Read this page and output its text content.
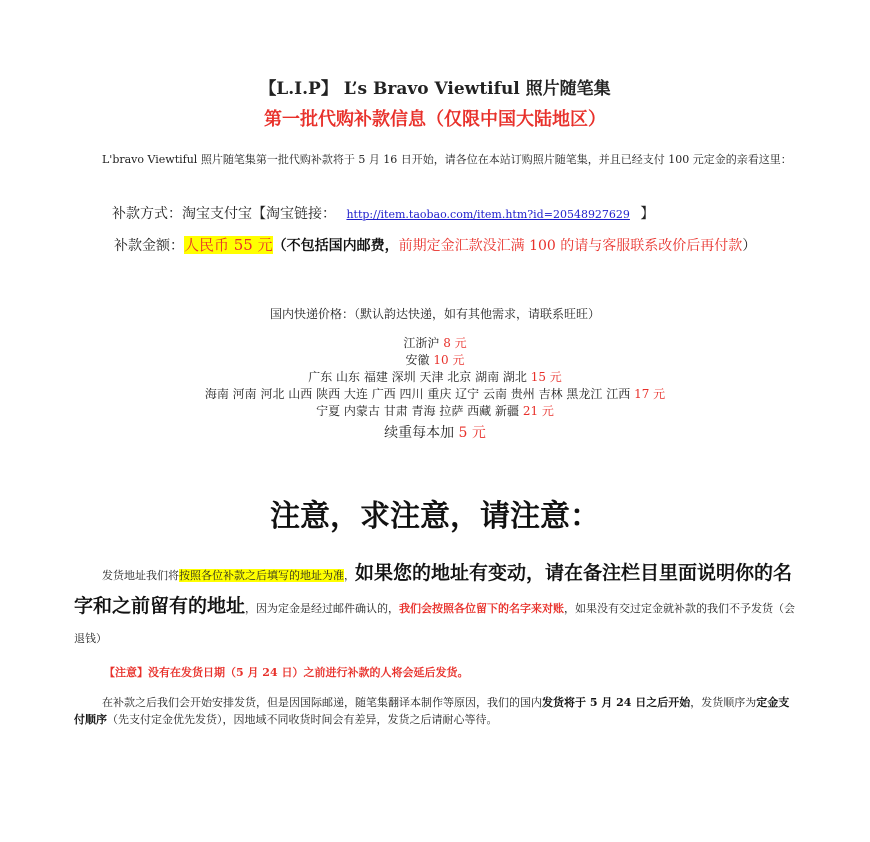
【L.I.P】 L’s Bravo Viewtiful 照片随笔集
第一批代购补款信息（仅限中国大陆地区）
L'bravo Viewtiful 照片随笔集第一批代购补款将于 5 月 16 日开始，请各位在本站订购照片随笔集，并且已经支付 100 元定金的亲看这里：
补款方式：淘宝支付宝【淘宝链接： http://item.taobao.com/item.htm?id=20548927629 】
补款金额：人民币 55 元（不包括国内邮费，前期定金汇款没汇满 100 的请与客服联系改价后再付款）
国内快递价格：（默认韵达快递，如有其他需求，请联系旺旺）
江浙沪 8 元
安徽 10 元
广东 山东 福建 深圳 天津 北京 湖南 湖北 15 元
海南 河南 河北 山西 陕西 大连 广西 四川 重庆 辽宁 云南 贵州 吉林 黑龙江 江西 17 元
宁夏 内蒙古 甘肃 青海 拉萨 西藏 新疆 21 元
续重每本加 5 元
注意，求注意，请注意：
发货地址我们将按照各位补款之后填写的地址为准，如果您的地址有变动，请在备注栏目里面说明你的名字和之前留有的地址，因为定金是经过邮件确认的，我们会按照各位留下的名字来对账，如果没有交过定金就补款的我们不予发货（会退钱）
【注意】没有在发货日期（5 月 24 日）之前进行补款的人将会延后发货。
在补款之后我们会开始安排发货，但是因国际邮递，随笔集翻译本制作等原因，我们的国内发货将于 5 月 24 日之后开始，发货顺序为定金支付顺序（先支付定金优先发货），因地域不同收货时间会有差异，发货之后请耐心等待。
